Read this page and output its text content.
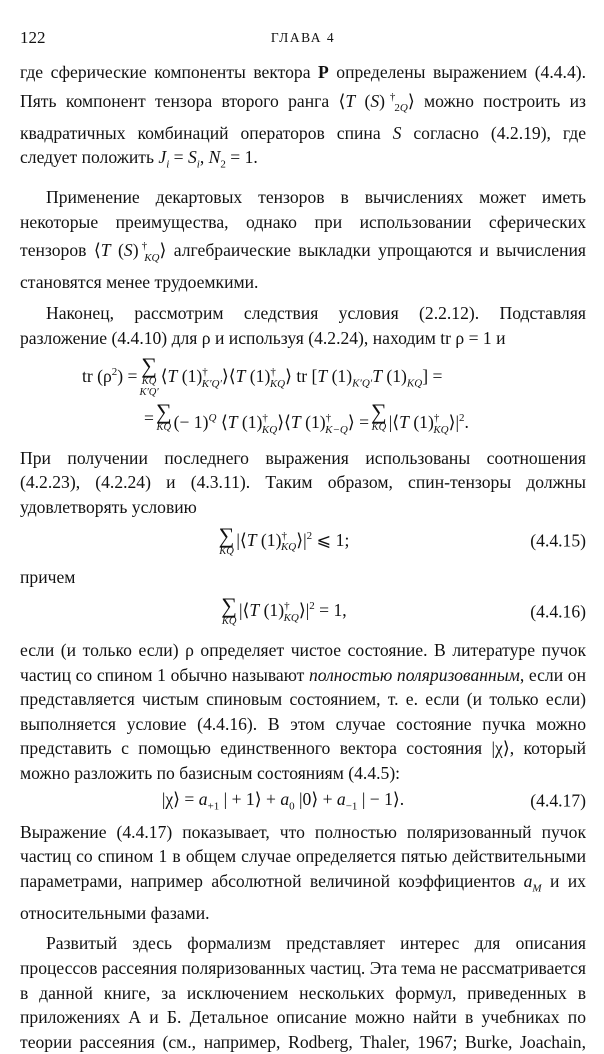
122	ГЛАВА 4

где сферические компоненты вектора P определены выражением (4.4.4). Пять компонент тензора второго ранга ⟨T $(S)^\dagger_{2Q}⟩$ можно построить из квадратичных комбинаций операторов спина S согласно (4.2.19), где следует положить $J_i = S_i$, $N_2 = 1$.

Применение декартовых тензоров в вычислениях может иметь некоторые преимущества, однако при использовании сферических тензоров ⟨T $(S)^\dagger_{KQ}⟩$ алгебраические выкладки упрощаются и вычисления становятся менее трудоемкими.

Наконец, рассмотрим следствия условия (2.2.12). Подставляя разложение (4.4.10) для ρ и используя (4.2.24), находим tr ρ = 1 и

tr $(\rho^2)$ = ∑
KQ
K′Q′
⟨T $(1)^\dagger_{K'Q'}⟩⟨T$ $(1)^\dagger_{KQ}⟩$ tr [T $(1)_{K'Q'}T$ $(1)_{KQ}$] =
= ∑
KQ (− 1)$^Q$ ⟨T $(1)^\dagger_{KQ}⟩⟨T$ $(1)^\dagger_{K-Q}⟩$ = ∑
KQ |⟨T $(1)^\dagger_{KQ}⟩|^2$.

При получении последнего выражения использованы соотношения (4.2.23), (4.2.24) и (4.3.11). Таким образом, спин-тензоры должны удовлетворять условию

∑
KQ
|⟨T $(1)^\dagger_{KQ}⟩|^2$ ⩽ 1;	(4.4.15)

причем

∑
KQ
|⟨T $(1)^\dagger_{KQ}⟩|^2 = 1$,	(4.4.16)

если (и только если) ρ определяет чистое состояние. В литературе пучок частиц со спином 1 обычно называют полностью поляризованным, если он представляется чистым спиновым состоянием, т. е. если (и только если) выполняется условие (4.4.16). В этом случае состояние пучка можно представить с помощью единственного вектора состояния |χ⟩, который можно разложить по базисным состояниям (4.4.5):

|χ⟩ = $a_{+1}$ | + 1⟩ + $a_0$ |0⟩ + $a_{-1}$ | − 1⟩.	(4.4.17)

Выражение (4.4.17) показывает, что полностью поляризованный пучок частиц со спином 1 в общем случае определяется пятью действительными параметрами, например абсолютной величиной коэффициентов $a_M$ и их относительными фазами.

Развитый здесь формализм представляет интерес для описания процессов рассеяния поляризованных частиц. Эта тема не рассматривается в данной книге, за исключением нескольких формул, приведенных в приложениях А и Б. Детальное описание можно найти в учебниках по теории рассеяния (см., например, Rodberg, Thaler, 1967; Burke, Joachain,
